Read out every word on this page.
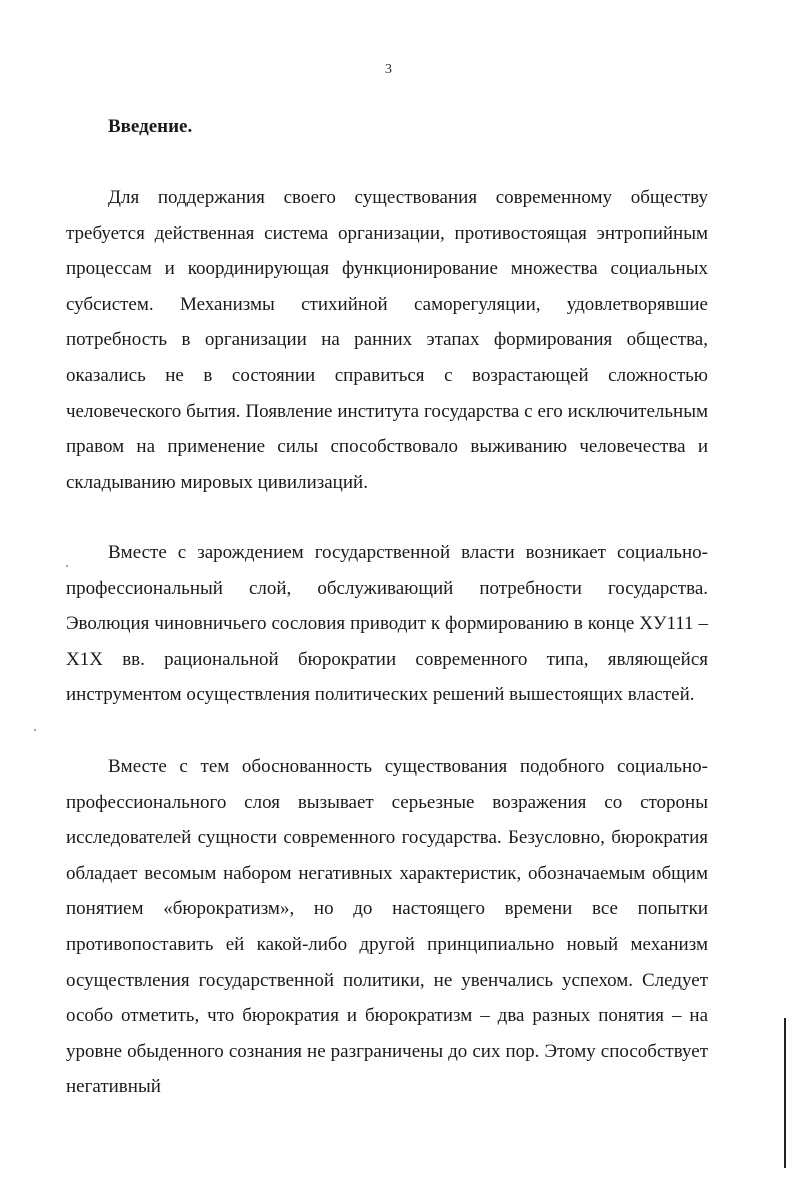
3
Введение.

Для поддержания своего существования современному обществу требуется действенная система организации, противостоящая энтропийным процессам и координирующая функционирование множества социальных субсистем. Механизмы стихийной саморегуляции, удовлетворявшие потребность в организации на ранних этапах формирования общества, оказались не в состоянии справиться с возрастающей сложностью человеческого бытия. Появление института государства с его исключительным правом на применение силы способствовало выживанию человечества и складыванию мировых цивилизаций.

Вместе с зарождением государственной власти возникает социально-профессиональный слой, обслуживающий потребности государства. Эволюция чиновничьего сословия приводит к формированию в конце ХУ111 – Х1Х вв. рациональной бюрократии современного типа, являющейся инструментом осуществления политических решений вышестоящих властей.

Вместе с тем обоснованность существования подобного социально-профессионального слоя вызывает серьезные возражения со стороны исследователей сущности современного государства. Безусловно, бюрократия обладает весомым набором негативных характеристик, обозначаемым общим понятием «бюрократизм», но до настоящего времени все попытки противопоставить ей какой-либо другой принципиально новый механизм осуществления государственной политики, не увенчались успехом. Следует особо отметить, что бюрократия и бюрократизм – два разных понятия – на уровне обыденного сознания не разграничены до сих пор. Этому способствует негативный
